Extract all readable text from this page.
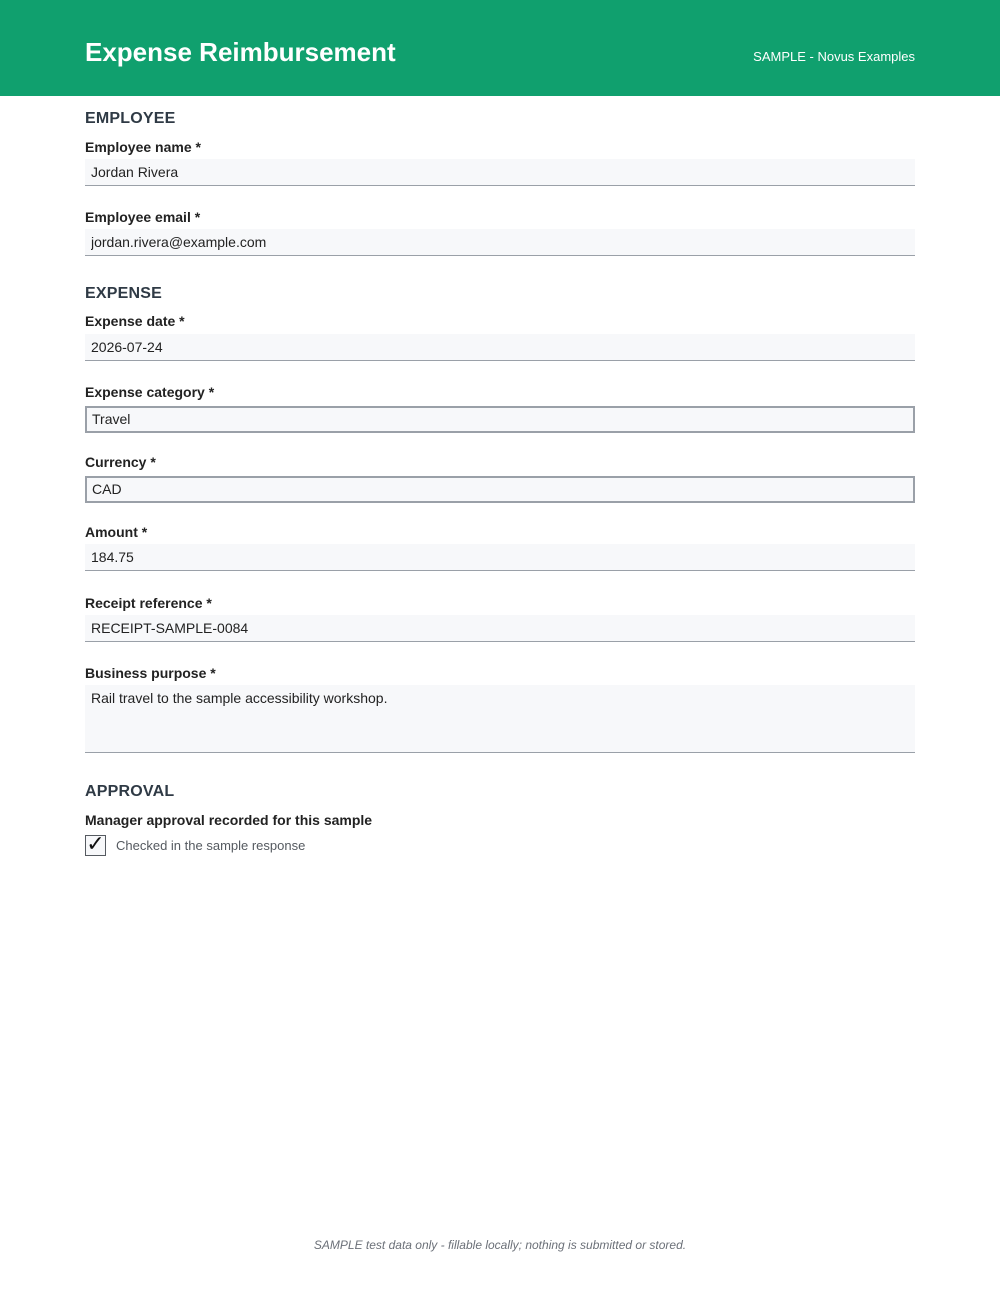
Expense Reimbursement	SAMPLE - Novus Examples
EMPLOYEE
Employee name *
Jordan Rivera
Employee email *
jordan.rivera@example.com
EXPENSE
Expense date *
2026-07-24
Expense category *
Travel
Currency *
CAD
Amount *
184.75
Receipt reference *
RECEIPT-SAMPLE-0084
Business purpose *
Rail travel to the sample accessibility workshop.
APPROVAL
Manager approval recorded for this sample
✓ Checked in the sample response
SAMPLE test data only - fillable locally; nothing is submitted or stored.
